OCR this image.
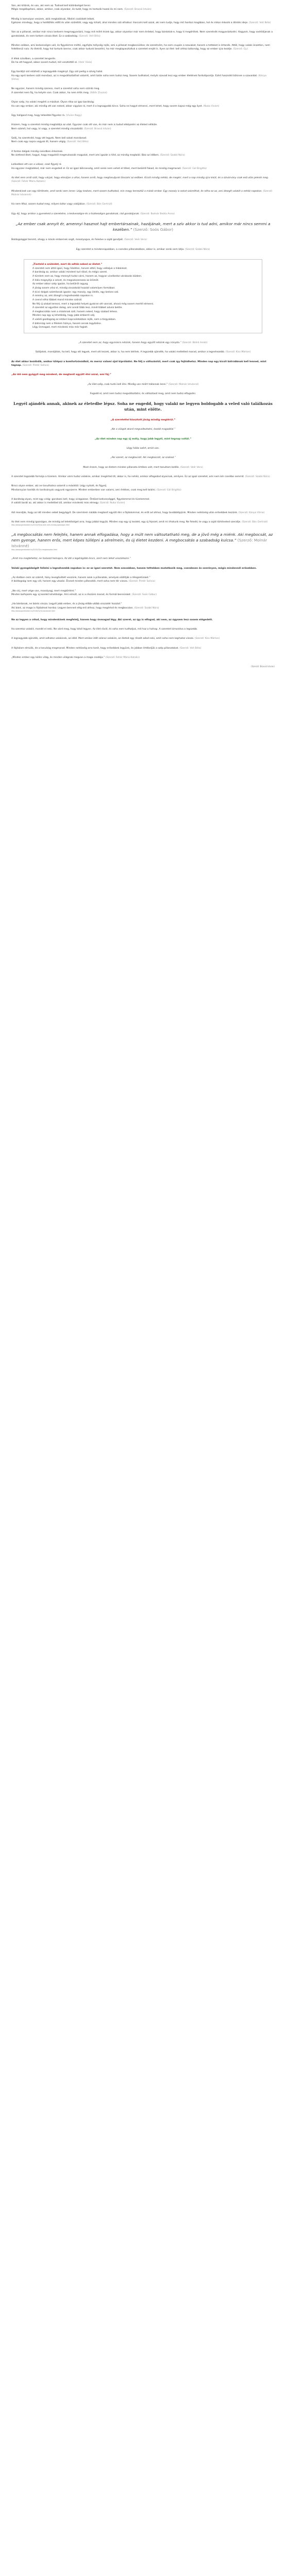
Van, aki kitűnik, és van, aki nem az. Tudnod kell különbséget tenni.

Mégis megállapítani, akkor, amikor, csak olyankor, és tudd, hogy mi tartozik hozzá és mi nem. (Szerző: Brassó István)

Mindig is komolyan veszem, akik megtalálnak, főként csalódott lelkek.

Egészen mindegy, hogy a holdtöltés előtt és után születtél, vagy egy kihalt, ahol minden szó elhalkul. Harcolni kell azzal, aki nem tudja, hogy mit hordoz magában, hol és mikor érkezik a döntés ideje. (Szerző: Veit Béla)

Van az a pillanat, amikor már nincs kedvem megmagyarázni, hogy mit miért érzek így, akkor olyankor már nem érdekel, hogy bántotok-e, hogy ti megértitek. Nem szeretnék magyarázkodni. Hagyom, hogy sodródjanak a gondolatok, és nem tartom vissza őket. Ez a szabadság. (Szerző: Veit Béla)

Minden szóban, ami kedvességre vall, és figyelemre méltó, egyfajta mélység rejlik, ami a pillanat megbecsülése; de szeretném, ha nem csupán a szavakat, hanem a tetteket is értenék. Attól, hogy valaki önzetlen, nem feltétlenül naiv. Az életről, hogy hol tartunk benne, csak akkor tudunk beszélni, ha már megtapasztaltuk a szeretet erejét is. Ilyen az élet: kell ahhoz bátorság, hogy az ember újra kezdje. (Szerző: Gy.)

A lélek szívében, a szeretet tengerén.

De ha ott hagyod, akkor sosem tudod, mit vesztettél el. (Veér Viola)

Egy barátjó szó elűzheti a legnagyobb magányt. Egy szó pedig a szívig hatol.

Ha egy apró kedves szót mondasz, az is megváltoztathat valamit, amit talán soha nem tudsz meg. Sosem tudhatod, melyik szavad lesz egy ember életének fordulópontja. Ezért használd bölcsen a szavaidat. (Kánya Vilma)

Ne egyszer, hanem mindig szeress, mert a szeretet soha nem szűnik meg.

A szeretet nem fáj, ha helyén van. Csak akkor, ha nem értik meg. (Sőtér Zsuzsa)

Olyan szép, ha valaki megérti a másikat. Olyan ritka az igaz barátság.

Ha van egy ember, aki mindig ott van neked, akkor vigyázz rá, mert ő a legnagyobb kincs. Soha ne hagyd elmenni, mert lehet, hogy sosem kapsz még egy ilyet. (Nuka Vivien)

Úgy hallgasd meg, hogy lelkeddel figyelsz rá. (Vivien Nagy)

Hiszem, hogy a szeretet mindig megtalálja az utat. Egyszer csak ott van, és már nem is tudod elképzelni az életed nélküle.

Nem számít, hol vagy, ki vagy, a szeretet mindig visszatalál. (Szerző: Brassó István)

Szólj, ha szeretnéd, hogy ott legyek. Nem kell sokat mondanod.

Nem csak egy napra vagyok itt, hanem végig. (Szerző: Veit Béla)

A fontos dolgok mindig csendben érkeznek.

Ne siettesd őket, hagyd, hogy maguktól megmutassák magukat, mert ami igazán a tiéd, az mindig megtalál. Bízz az időben. (Szerző: Szabó Nóra)

Lelkedben ott van a válasz, csak figyelj rá.

Ha egyszer megtalálod, már nem engeded el. Ez az igazi bölcsesség, amit senki nem vehet el tőled, mert belülről fakad, és mindig megmarad. (Szerző: Gál Brigitta)

Az élet nem arról szól, hogy várjuk, hogy elmúljon a vihar, hanem arról, hogy megtanuljunk táncolni az esőben. Kicsit mindig nehéz, de megéri, mert a nap mindig újra kisüt, és a szivárvány csak eső után jelenik meg. (Szerző: Fehér Mária Katalin)

Mindenkinek van egy története, amit senki sem ismer. Légy kedves, mert sosem tudhatod, min megy keresztül a másik ember. Egy mosoly is sokat számíthat, és néha ez az, ami átsegít valakit a nehéz napokon. (Szerző: Molnár Istvánné)

Ha nem félsz, sosem tudod meg, milyen bátor vagy valójában. (Szerző: Bán Gertrúd)

Úgy élj, hogy amikor a gyerekeid a szeretetre, a kedvességre és a tisztességre gondolnak, rád gondoljanak. (Szerző: Bodnár Beáta Anna)

„Az ember csak annyit ér, amennyi hasznot hajt embertársainak, hazájának, mert a szív akkor is tud adni, amikor már nincs semmi a kezében.” (Szerző: Soós Gábor)

Boldogsággal teremt, ahogy a másik embernek segít, mosolyogva, és feledve a saját gondjait. (Szerző: Veér Vera)

Egy szeretet a mindennapokban, a csendes pillanatokban, akkor is, amikor senki sem látja. (Szerző: Szabó Nóra)

„Tiszteld a szüleidet, mert ők adták neked az életet.”

A szeretet nem attól igazi, hogy hibátlan, hanem attól, hogy vállaljuk a hibáinkat.

A barátság az, amikor valaki mindent tud rólad, és mégis szeret.

A türelem nem az, hogy mennyit tudsz várni, hanem az, hogyan viselkedsz várakozás közben.

A hála megnyitja a szívet, és megsokszorozza az örömöt.

Az ember akkor szép igazán, ha belülről ragyog.

A jóság sosem vész el, mindig visszatalál hozzád valamilyen formában.

A kicsi dolgok számítanak igazán: egy mosoly, egy ölelés, egy kedves szó.

A remény az, ami átsegít a legnehezebb napokon is.

A csend néha többet mond minden szónál.

Ne félj új utakat keresni, mert a legszebb helyek gyakran ott vannak, ahová még sosem mertél elmenni.

A szeretet az egyetlen dolog, ami annál több lesz, minél többet adunk belőle.

A megbocsátás nem a másiknak szól, hanem neked, hogy szabad lehess.

Minden nap egy új lehetőség, hogy jobb emberré válj.

A valódi gazdagság az emberi kapcsolatokban rejlik, nem a tárgyakban.

A bátorság nem a félelem hiánya, hanem annak legyőzése.

Légy önmagad, mert mindenki más már foglalt.

„A szeretet nem az, hogy egymásra nézünk, hanem hogy együtt nézünk egy irányba.” (Szerző: Bálint Anikó)

Szóljatok, mondjátok, ha kell, hogy ott legyek, mert ott leszek, akkor is, ha nem kéritek. A legszebb ajándék, ha valaki melletted marad, amikor a legnehezebb. (Szerző: Kiss Márton)

Az élet akkor kezdődik, amikor kilépsz a komfortzónádból, és mersz valami újat kipróbálni. Ne félj a változástól, mert csak így fejlődhetsz. Minden nap egy kicsit bátrabbnak kell lenned, mint tegnap. (Szerző: Pintér Szilvia)

„Az idő nem gyógyít meg mindent, de megtanít együtt élni azzal, ami fáj.”

„Az élet szép, csak tudni kell élni. Mindig van miért hálásnak lenni.” (Szerző: Molnár Istvánné)

Fogadd el, amit nem tudsz megváltoztatni, és változtasd meg, amit nem tudsz elfogadni.

Legyél ajándék annak, akinek az életedbe lépsz. Soha ne engedd, hogy valaki ne legyen boldogabb a veled való találkozás után, mint előtte.

„A szeretettel kiosztott jóság mindig megtérül.”

„Ne a vilagot akard megvaltoztatni, kezdd magaddal.”

„Az élet minden nap egy új esély, hogy jobb legyél, mint tegnap voltál.”

Légy hálás azért, amid van.

„Aki szeret, az megbocsát. Aki megbocsát, az szabad.”

Most érzem, hogy az életem minden pillanata értékes volt, mert tanultam belőle. (Szerző: Veér Vera)

A szeretet legszebb formája a türelem. Amikor várni tudsz valakire, amikor megérted őt, akkor is, ha nehéz, amikor elfogadod olyannak, amilyen. Ez az igazi szeretet, ami nem kér cserébe semmit. (Szerző: Szabó Nóra)

Nincs olyan ember, aki ne tanulhatna valamit a másiktól. Légy nyitott, és figyelj.

Mindannyian tanítók és tanítványok vagyunk egyszerre. Minden emberben van valami, ami értékes, csak meg kell találni. (Szerző: Gál Brigitta)

A barátság olyan, mint egy virág: gondozni kell, hogy virágozzon. Öntözd kedvességgel, figyelemmel és türelemmel.

A valódi barát az, aki akkor is melletted áll, amikor mindenki más elmegy. (Szerző: Nuka Vivien)

Azt mondják, hogy az idő minden sebet begyógyít. De szerintem inkább megtanít együtt élni a fájdalommal, és erőt ad ahhoz, hogy továbblépjünk. Minden nehézség után erősebbek leszünk. (Szerző: Kánya Vilma)

Az élet nem mindig igazságos, de mindig ad lehetőséget arra, hogy jobbá tegyük. Minden nap egy új kezdet, egy új fejezet, amit mi írhatunk meg. Ne feledd, te vagy a saját történeted szerzője. (Szerző: Bán Gertrúd)

http://www.gondolatok.hu/2014/05/az-elet-nem-mindig-igazsagos.html

„A megbocsátás nem felejtés, hanem annak elfogadása, hogy a múlt nem változtatható meg, de a jövő még a miénk. Aki megbocsát, az nem gyenge, hanem erős, mert képes túllépni a sérelmein, és új életet kezdeni. A megbocsátás a szabadság kulcsa.” (Szerző: Molnár Istvánné)

http://www.gondolatok.hu/2015/03/a-megbocsatas.html

„Amit ma megtehetsz, ne halaszd holnapra. Az idő a legdrágább kincs, amit nem lehet visszahozni.”

Valaki gyengédségét fellelni a legnehezebb napokon is: ez az igazi szeretet. Nem szavakban, hanem tettekben mutatkozik meg, csendesen és szerényen, mégis mindennél erősebben.

„Az életben nem az számít, hány levegővételt veszünk, hanem azok a pillanatok, amelyek elállítják a lélegzetünket.”

A boldogság nem egy cél, hanem egy utazás. Élvezd minden pillanatát, mert soha nem tér vissza. (Szerző: Pintér Szilvia)

„Ne sírj, mert vége van, mosolyogj, mert megtörtént.”

Minden befejezés egy új kezdet lehetősége. Ami elmúlt, az is a részünk marad, és formál bennünket. (Szerző: Soós Gábor)

„Ha bántanak, ne bánts vissza. Legyél jobb ember, és a jóság előbb-utóbb visszatér hozzád.”

Aki bánt, az maga is fájdalmat hordoz. Legyen benned elég erő ahhoz, hogy megértsd és megbocsáss. (Szerző: Szabó Nóra)

http://www.gondolatok.hu/2016/01/ha-bantanak.html

Ne az legyen a célod, hogy mindenkinek megfelelj, hanem hogy önmagad légy. Aki szeret, az így is elfogad, aki nem, az úgysem lesz sosem elégedett.

Ha szeretsz valakit, mondd el neki. Ne várd meg, hogy késő legyen. Az élet rövid, és soha nem tudhatjuk, mit hoz a holnap. A szeretet kimondva a legszebb.

A legnagyobb ajándék, amit adhatsz valakinek, az időd. Mert amikor időt szánsz valakire, az életed egy részét adod neki, amit soha nem kaphatsz vissza. (Szerző: Kiss Márton)

A fájdalom elmúlik, de a tanulság megmarad. Minden nehézség arra tanít, hogy erősebbek legyünk, és jobban értékeljük a szép pillanatokat. (Szerző: Veit Béla)

„Minden ember egy külön világ, és minden világnak megvan a maga csodája.” (Szerző: Fehér Mária Katalin)

(Szerző: Brassó István)
